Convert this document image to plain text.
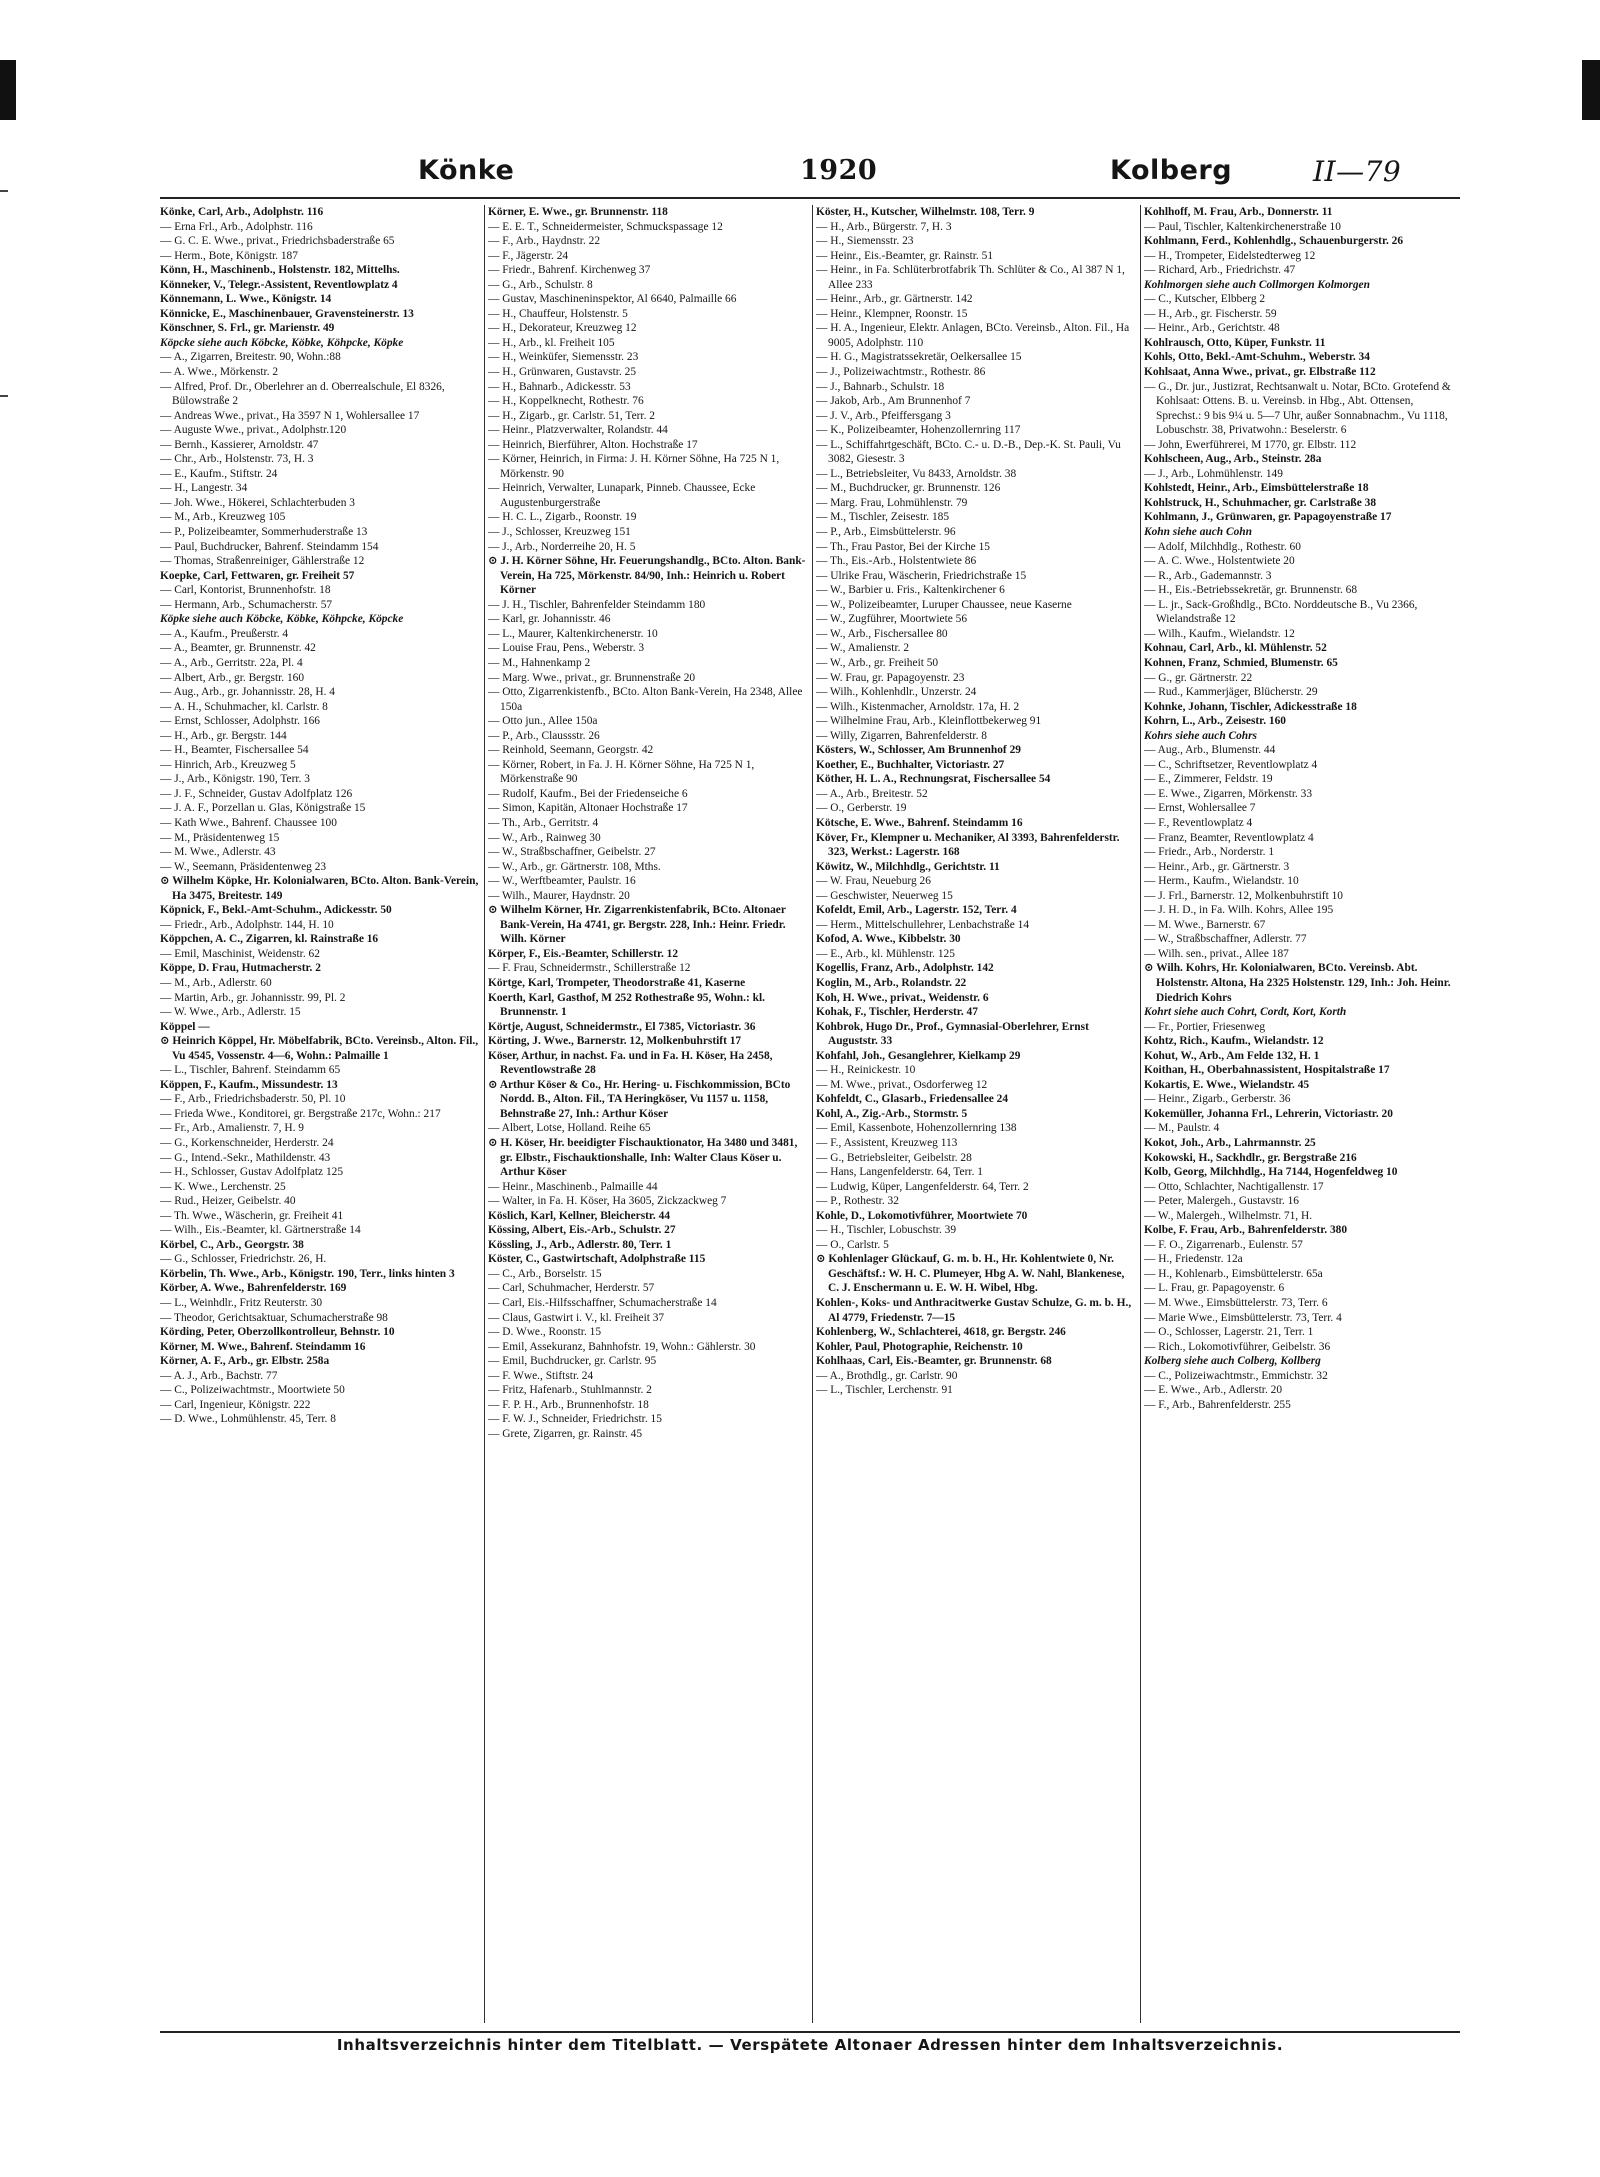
Könke	1920	Kolberg	II—79

Könke, Carl, Arb., Adolphstr. 116

— Erna Frl., Arb., Adolphstr. 116

— G. C. E. Wwe., privat., Friedrichsbaderstraße 65

— Herm., Bote, Königstr. 187

Könn, H., Maschinenb., Holstenstr. 182, Mittelhs.

Könneker, V., Telegr.-Assistent, Reventlowplatz 4

Könnemann, L. Wwe., Königstr. 14

Könnicke, E., Maschinenbauer, Gravensteinerstr. 13

Könschner, S. Frl., gr. Marienstr. 49

Köpcke siehe auch Köbcke, Köbke, Köhpcke, Köpke

— A., Zigarren, Breitestr. 90, Wohn.:88

— A. Wwe., Mörkenstr. 2

— Alfred, Prof. Dr., Oberlehrer an d. Oberrealschule, El 8326, Bülowstraße 2

— Andreas Wwe., privat., Ha 3597 N 1, Wohlersallee 17

— Auguste Wwe., privat., Adolphstr.120

— Bernh., Kassierer, Arnoldstr. 47

— Chr., Arb., Holstenstr. 73, H. 3

— E., Kaufm., Stiftstr. 24

— H., Langestr. 34

— Joh. Wwe., Hökerei, Schlachterbuden 3

— M., Arb., Kreuzweg 105

— P., Polizeibeamter, Sommerhuderstraße 13

— Paul, Buchdrucker, Bahrenf. Steindamm 154

— Thomas, Straßenreiniger, Gählerstraße 12

Koepke, Carl, Fettwaren, gr. Freiheit 57

— Carl, Kontorist, Brunnenhofstr. 18

— Hermann, Arb., Schumacherstr. 57

Köpke siehe auch Köbcke, Köbke, Köhpcke, Köpcke

— A., Kaufm., Preußerstr. 4

— A., Beamter, gr. Brunnenstr. 42

— A., Arb., Gerritstr. 22a, Pl. 4

— Albert, Arb., gr. Bergstr. 160

— Aug., Arb., gr. Johannisstr. 28, H. 4

— A. H., Schuhmacher, kl. Carlstr. 8

— Ernst, Schlosser, Adolphstr. 166

— H., Arb., gr. Bergstr. 144

— H., Beamter, Fischersallee 54

— Hinrich, Arb., Kreuzweg 5

— J., Arb., Königstr. 190, Terr. 3

— J. F., Schneider, Gustav Adolfplatz 126

— J. A. F., Porzellan u. Glas, Königstraße 15

— Kath Wwe., Bahrenf. Chaussee 100

— M., Präsidentenweg 15

— M. Wwe., Adlerstr. 43

— W., Seemann, Präsidentenweg 23

⊙ Wilhelm Köpke, Hr. Kolonialwaren, BCto. Alton. Bank-Verein, Ha 3475, Breitestr. 149

Köpnick, F., Bekl.-Amt-Schuhm., Adickesstr. 50

— Friedr., Arb., Adolphstr. 144, H. 10

Köppchen, A. C., Zigarren, kl. Rainstraße 16

— Emil, Maschinist, Weidenstr. 62

Köppe, D. Frau, Hutmacherstr. 2

— M., Arb., Adlerstr. 60

— Martin, Arb., gr. Johannisstr. 99, Pl. 2

— W. Wwe., Arb., Adlerstr. 15

Köppel —

⊙ Heinrich Köppel, Hr. Möbelfabrik, BCto. Vereinsb., Alton. Fil., Vu 4545, Vossenstr. 4—6, Wohn.: Palmaille 1

— L., Tischler, Bahrenf. Steindamm 65

Köppen, F., Kaufm., Missundestr. 13

— F., Arb., Friedrichsbaderstr. 50, Pl. 10

— Frieda Wwe., Konditorei, gr. Bergstraße 217c, Wohn.: 217

— Fr., Arb., Amalienstr. 7, H. 9

— G., Korkenschneider, Herderstr. 24

— G., Intend.-Sekr., Mathildenstr. 43

— H., Schlosser, Gustav Adolfplatz 125

— K. Wwe., Lerchenstr. 25

— Rud., Heizer, Geibelstr. 40

— Th. Wwe., Wäscherin, gr. Freiheit 41

— Wilh., Eis.-Beamter, kl. Gärtnerstraße 14

Körbel, C., Arb., Georgstr. 38

— G., Schlosser, Friedrichstr. 26, H.

Körbelin, Th. Wwe., Arb., Königstr. 190, Terr., links hinten 3

Körber, A. Wwe., Bahrenfelderstr. 169

— L., Weinhdlr., Fritz Reuterstr. 30

— Theodor, Gerichtsaktuar, Schumacherstraße 98

Körding, Peter, Oberzollkontrolleur, Behnstr. 10

Körner, M. Wwe., Bahrenf. Steindamm 16

Körner, A. F., Arb., gr. Elbstr. 258a

— A. J., Arb., Bachstr. 77

— C., Polizeiwachtmstr., Moortwiete 50

— Carl, Ingenieur, Königstr. 222

— D. Wwe., Lohmühlenstr. 45, Terr. 8

Körner, E. Wwe., gr. Brunnenstr. 118

— E. E. T., Schneidermeister, Schmuckspassage 12

— F., Arb., Haydnstr. 22

— F., Jägerstr. 24

— Friedr., Bahrenf. Kirchenweg 37

— G., Arb., Schulstr. 8

— Gustav, Maschineninspektor, Al 6640, Palmaille 66

— H., Chauffeur, Holstenstr. 5

— H., Dekorateur, Kreuzweg 12

— H., Arb., kl. Freiheit 105

— H., Weinküfer, Siemensstr. 23

— H., Grünwaren, Gustavstr. 25

— H., Bahnarb., Adickesstr. 53

— H., Koppelknecht, Rothestr. 76

— H., Zigarb., gr. Carlstr. 51, Terr. 2

— Heinr., Platzverwalter, Rolandstr. 44

— Heinrich, Bierführer, Alton. Hochstraße 17

— Körner, Heinrich, in Firma: J. H. Körner Söhne, Ha 725 N 1, Mörkenstr. 90

— Heinrich, Verwalter, Lunapark, Pinneb. Chaussee, Ecke Augustenburgerstraße

— H. C. L., Zigarb., Roonstr. 19

— J., Schlosser, Kreuzweg 151

— J., Arb., Norderreihe 20, H. 5

⊙ J. H. Körner Söhne, Hr. Feuerungshandlg., BCto. Alton. Bank-Verein, Ha 725, Mörkenstr. 84/90, Inh.: Heinrich u. Robert Körner

— J. H., Tischler, Bahrenfelder Steindamm 180

— Karl, gr. Johannisstr. 46

— L., Maurer, Kaltenkirchenerstr. 10

— Louise Frau, Pens., Weberstr. 3

— M., Hahnenkamp 2

— Marg. Wwe., privat., gr. Brunnenstraße 20

— Otto, Zigarrenkistenfb., BCto. Alton Bank-Verein, Ha 2348, Allee 150a

— Otto jun., Allee 150a

— P., Arb., Claussstr. 26

— Reinhold, Seemann, Georgstr. 42

— Körner, Robert, in Fa. J. H. Körner Söhne, Ha 725 N 1, Mörkenstraße 90

— Rudolf, Kaufm., Bei der Friedenseiche 6

— Simon, Kapitän, Altonaer Hochstraße 17

— Th., Arb., Gerritstr. 4

— W., Arb., Rainweg 30

— W., Straßbschaffner, Geibelstr. 27

— W., Arb., gr. Gärtnerstr. 108, Mths.

— W., Werftbeamter, Paulstr. 16

— Wilh., Maurer, Haydnstr. 20

⊙ Wilhelm Körner, Hr. Zigarrenkistenfabrik, BCto. Altonaer Bank-Verein, Ha 4741, gr. Bergstr. 228, Inh.: Heinr. Friedr. Wilh. Körner

Körper, F., Eis.-Beamter, Schillerstr. 12

— F. Frau, Schneidermstr., Schillerstraße 12

Körtge, Karl, Trompeter, Theodorstraße 41, Kaserne

Koerth, Karl, Gasthof, M 252 Rothestraße 95, Wohn.: kl. Brunnenstr. 1

Körtje, August, Schneidermstr., El 7385, Victoriastr. 36

Körting, J. Wwe., Barnerstr. 12, Molkenbuhrstift 17

Köser, Arthur, in nachst. Fa. und in Fa. H. Köser, Ha 2458, Reventlowstraße 28

⊙ Arthur Köser & Co., Hr. Hering- u. Fischkommission, BCto Nordd. B., Alton. Fil., TA Heringköser, Vu 1157 u. 1158, Behnstraße 27, Inh.: Arthur Köser

— Albert, Lotse, Holland. Reihe 65

⊙ H. Köser, Hr. beeidigter Fischauktionator, Ha 3480 und 3481, gr. Elbstr., Fischauktionshalle, Inh: Walter Claus Köser u. Arthur Köser

— Heinr., Maschinenb., Palmaille 44

— Walter, in Fa. H. Köser, Ha 3605, Zickzackweg 7

Köslich, Karl, Kellner, Bleicherstr. 44

Kössing, Albert, Eis.-Arb., Schulstr. 27

Kössling, J., Arb., Adlerstr. 80, Terr. 1

Köster, C., Gastwirtschaft, Adolphstraße 115

— C., Arb., Borselstr. 15

— Carl, Schuhmacher, Herderstr. 57

— Carl, Eis.-Hilfsschaffner, Schumacherstraße 14

— Claus, Gastwirt i. V., kl. Freiheit 37

— D. Wwe., Roonstr. 15

— Emil, Assekuranz, Bahnhofstr. 19, Wohn.: Gählerstr. 30

— Emil, Buchdrucker, gr. Carlstr. 95

— F. Wwe., Stiftstr. 24

— Fritz, Hafenarb., Stuhlmannstr. 2

— F. P. H., Arb., Brunnenhofstr. 18

— F. W. J., Schneider, Friedrichstr. 15

— Grete, Zigarren, gr. Rainstr. 45

Köster, H., Kutscher, Wilhelmstr. 108, Terr. 9

— H., Arb., Bürgerstr. 7, H. 3

— H., Siemensstr. 23

— Heinr., Eis.-Beamter, gr. Rainstr. 51

— Heinr., in Fa. Schlüterbrotfabrik Th. Schlüter & Co., Al 387 N 1, Allee 233

— Heinr., Arb., gr. Gärtnerstr. 142

— Heinr., Klempner, Roonstr. 15

— H. A., Ingenieur, Elektr. Anlagen, BCto. Vereinsb., Alton. Fil., Ha 9005, Adolphstr. 110

— H. G., Magistratssekretär, Oelkersallee 15

— J., Polizeiwachtmstr., Rothestr. 86

— J., Bahnarb., Schulstr. 18

— Jakob, Arb., Am Brunnenhof 7

— J. V., Arb., Pfeiffersgang 3

— K., Polizeibeamter, Hohenzollernring 117

— L., Schiffahrtgeschäft, BCto. C.- u. D.-B., Dep.-K. St. Pauli, Vu 3082, Giesestr. 3

— L., Betriebsleiter, Vu 8433, Arnoldstr. 38

— M., Buchdrucker, gr. Brunnenstr. 126

— Marg. Frau, Lohmühlenstr. 79

— M., Tischler, Zeisestr. 185

— P., Arb., Eimsbüttelerstr. 96

— Th., Frau Pastor, Bei der Kirche 15

— Th., Eis.-Arb., Holstentwiete 86

— Ulrike Frau, Wäscherin, Friedrichstraße 15

— W., Barbier u. Fris., Kaltenkirchener 6

— W., Polizeibeamter, Luruper Chaussee, neue Kaserne

— W., Zugführer, Moortwiete 56

— W., Arb., Fischersallee 80

— W., Amalienstr. 2

— W., Arb., gr. Freiheit 50

— W. Frau, gr. Papagoyenstr. 23

— Wilh., Kohlenhdlr., Unzerstr. 24

— Wilh., Kistenmacher, Arnoldstr. 17a, H. 2

— Wilhelmine Frau, Arb., Kleinflottbekerweg 91

— Willy, Zigarren, Bahrenfelderstr. 8

Kösters, W., Schlosser, Am Brunnenhof 29

Koether, E., Buchhalter, Victoriastr. 27

Köther, H. L. A., Rechnungsrat, Fischersallee 54

— A., Arb., Breitestr. 52

— O., Gerberstr. 19

Kötsche, E. Wwe., Bahrenf. Steindamm 16

Köver, Fr., Klempner u. Mechaniker, Al 3393, Bahrenfelderstr. 323, Werkst.: Lagerstr. 168

Köwitz, W., Milchhdlg., Gerichtstr. 11

— W. Frau, Neueburg 26

— Geschwister, Neuerweg 15

Kofeldt, Emil, Arb., Lagerstr. 152, Terr. 4

— Herm., Mittelschullehrer, Lenbachstraße 14

Kofod, A. Wwe., Kibbelstr. 30

— E., Arb., kl. Mühlenstr. 125

Kogellis, Franz, Arb., Adolphstr. 142

Koglin, M., Arb., Rolandstr. 22

Koh, H. Wwe., privat., Weidenstr. 6

Kohak, F., Tischler, Herderstr. 47

Kohbrok, Hugo Dr., Prof., Gymnasial-Oberlehrer, Ernst Auguststr. 33

Kohfahl, Joh., Gesanglehrer, Kielkamp 29

— H., Reinickestr. 10

— M. Wwe., privat., Osdorferweg 12

Kohfeldt, C., Glasarb., Friedensallee 24

Kohl, A., Zig.-Arb., Stormstr. 5

— Emil, Kassenbote, Hohenzollernring 138

— F., Assistent, Kreuzweg 113

— G., Betriebsleiter, Geibelstr. 28

— Hans, Langenfelderstr. 64, Terr. 1

— Ludwig, Küper, Langenfelderstr. 64, Terr. 2

— P., Rothestr. 32

Kohle, D., Lokomotivführer, Moortwiete 70

— H., Tischler, Lobuschstr. 39

— O., Carlstr. 5

⊙ Kohlenlager Glückauf, G. m. b. H., Hr. Kohlentwiete 0, Nr. Geschäftsf.: W. H. C. Plumeyer, Hbg A. W. Nahl, Blankenese, C. J. Enschermann u. E. W. H. Wibel, Hbg.

Kohlen-, Koks- und Anthracitwerke Gustav Schulze, G. m. b. H., Al 4779, Friedenstr. 7—15

Kohlenberg, W., Schlachterei, 4618, gr. Bergstr. 246

Kohler, Paul, Photographie, Reichenstr. 10

Kohlhaas, Carl, Eis.-Beamter, gr. Brunnenstr. 68

— A., Brothdlg., gr. Carlstr. 90

— L., Tischler, Lerchenstr. 91

Kohlhoff, M. Frau, Arb., Donnerstr. 11

— Paul, Tischler, Kaltenkirchenerstraße 10

Kohlmann, Ferd., Kohlenhdlg., Schauenburgerstr. 26

— H., Trompeter, Eidelstedterweg 12

— Richard, Arb., Friedrichstr. 47

Kohlmorgen siehe auch Collmorgen Kolmorgen

— C., Kutscher, Elbberg 2

— H., Arb., gr. Fischerstr. 59

— Heinr., Arb., Gerichtstr. 48

Kohlrausch, Otto, Küper, Funkstr. 11

Kohls, Otto, Bekl.-Amt-Schuhm., Weberstr. 34

Kohlsaat, Anna Wwe., privat., gr. Elbstraße 112

— G., Dr. jur., Justizrat, Rechtsanwalt u. Notar, BCto. Grotefend & Kohlsaat: Ottens. B. u. Vereinsb. in Hbg., Abt. Ottensen, Sprechst.: 9 bis 9¼ u. 5—7 Uhr, außer Sonnabnachm., Vu 1118, Lobuschstr. 38, Privatwohn.: Beselerstr. 6

— John, Ewerführerei, M 1770, gr. Elbstr. 112

Kohlscheen, Aug., Arb., Steinstr. 28a

— J., Arb., Lohmühlenstr. 149

Kohlstedt, Heinr., Arb., Eimsbüttelerstraße 18

Kohlstruck, H., Schuhmacher, gr. Carlstraße 38

Kohlmann, J., Grünwaren, gr. Papagoyenstraße 17

Kohn siehe auch Cohn

— Adolf, Milchhdlg., Rothestr. 60

— A. C. Wwe., Holstentwiete 20

— R., Arb., Gademannstr. 3

— H., Eis.-Betriebssekretär, gr. Brunnenstr. 68

— L. jr., Sack-Großhdlg., BCto. Norddeutsche B., Vu 2366, Wielandstraße 12

— Wilh., Kaufm., Wielandstr. 12

Kohnau, Carl, Arb., kl. Mühlenstr. 52

Kohnen, Franz, Schmied, Blumenstr. 65

— G., gr. Gärtnerstr. 22

— Rud., Kammerjäger, Blücherstr. 29

Kohnke, Johann, Tischler, Adickesstraße 18

Kohrn, L., Arb., Zeisestr. 160

Kohrs siehe auch Cohrs

— Aug., Arb., Blumenstr. 44

— C., Schriftsetzer, Reventlowplatz 4

— E., Zimmerer, Feldstr. 19

— E. Wwe., Zigarren, Mörkenstr. 33

— Ernst, Wohlersallee 7

— F., Reventlowplatz 4

— Franz, Beamter, Reventlowplatz 4

— Friedr., Arb., Norderstr. 1

— Heinr., Arb., gr. Gärtnerstr. 3

— Herm., Kaufm., Wielandstr. 10

— J. Frl., Barnerstr. 12, Molkenbuhrstift 10

— J. H. D., in Fa. Wilh. Kohrs, Allee 195

— M. Wwe., Barnerstr. 67

— W., Straßbschaffner, Adlerstr. 77

— Wilh. sen., privat., Allee 187

⊙ Wilh. Kohrs, Hr. Kolonialwaren, BCto. Vereinsb. Abt. Holstenstr. Altona, Ha 2325 Holstenstr. 129, Inh.: Joh. Heinr. Diedrich Kohrs

Kohrt siehe auch Cohrt, Cordt, Kort, Korth

— Fr., Portier, Friesenweg

Kohtz, Rich., Kaufm., Wielandstr. 12

Kohut, W., Arb., Am Felde 132, H. 1

Koithan, H., Oberbahnassistent, Hospitalstraße 17

Kokartis, E. Wwe., Wielandstr. 45

— Heinr., Zigarb., Gerberstr. 36

Kokemüller, Johanna Frl., Lehrerin, Victoriastr. 20

— M., Paulstr. 4

Kokot, Joh., Arb., Lahrmannstr. 25

Kokowski, H., Sackhdlr., gr. Bergstraße 216

Kolb, Georg, Milchhdlg., Ha 7144, Hogenfeldweg 10

— Otto, Schlachter, Nachtigallenstr. 17

— Peter, Malergeh., Gustavstr. 16

— W., Malergeh., Wilhelmstr. 71, H.

Kolbe, F. Frau, Arb., Bahrenfelderstr. 380

— F. O., Zigarrenarb., Eulenstr. 57

— H., Friedenstr. 12a

— H., Kohlenarb., Eimsbüttelerstr. 65a

— L. Frau, gr. Papagoyenstr. 6

— M. Wwe., Eimsbüttelerstr. 73, Terr. 6

— Marie Wwe., Eimsbüttelerstr. 73, Terr. 4

— O., Schlosser, Lagerstr. 21, Terr. 1

— Rich., Lokomotivführer, Geibelstr. 36

Kolberg siehe auch Colberg, Kollberg

— C., Polizeiwachtmstr., Emmichstr. 32

— E. Wwe., Arb., Adlerstr. 20

— F., Arb., Bahrenfelderstr. 255

Inhaltsverzeichnis hinter dem Titelblatt. — Verspätete Altonaer Adressen hinter dem Inhaltsverzeichnis.
